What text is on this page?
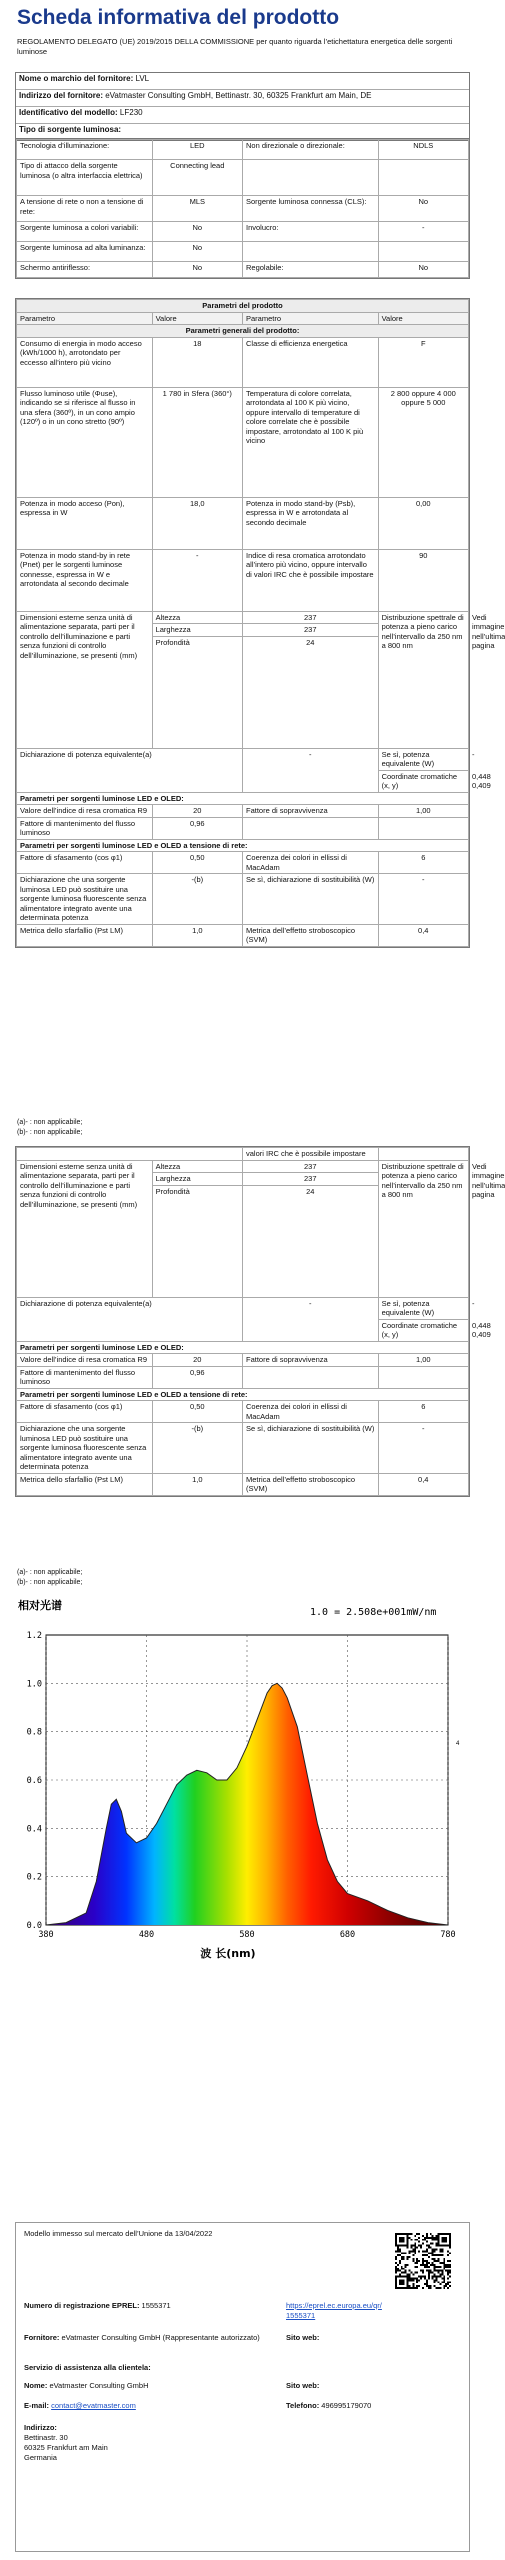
Scheda informativa del prodotto
REGOLAMENTO DELEGATO (UE) 2019/2015 DELLA COMMISSIONE per quanto riguarda l’etichettatura energetica delle sorgenti luminose
Nome o marchio del fornitore: LVL
Indirizzo del fornitore: eVatmaster Consulting GmbH, Bettinastr. 30, 60325 Frankfurt am Main, DE
Identificativo del modello: LF230
Tipo di sorgente luminosa:
Tecnologia d’illuminazione:	LED	Non direzionale o direzionale:	NDLS
Tipo di attacco della sorgente luminosa (o altra interfaccia elettrica)	Connecting lead		
A tensione di rete o non a tensione di rete:	MLS	Sorgente luminosa connessa (CLS):	No
Sorgente luminosa a colori variabili:	No	Involucro:	-
Sorgente luminosa ad alta luminanza:	No		
Schermo antiriflesso:	No	Regolabile:	No
Parametri del prodotto				
Parametro	Valore	Parametro	Valore	
Parametri generali del prodotto:				
Consumo di energia in modo acceso (kWh/1000 h), arrotondato per eccesso all’intero più vicino	18	Classe di efficienza energetica	F	
Flusso luminoso utile (Φuse), indicando se si riferisce al flusso in una sfera (360º), in un cono ampio (120º) o in un cono stretto (90º)	1 780 in Sfera (360°)	Temperatura di colore correlata, arrotondata al 100 K più vicino, oppure intervallo di temperature di colore correlate che è possibile impostare, arrotondato al 100 K più vicino	2 800 oppure 4 000 oppure 5 000	
Potenza in modo acceso (Pon), espressa in W	18,0	Potenza in modo stand-by (Psb), espressa in W e arrotondata al secondo decimale	0,00	
Potenza in modo stand-by in rete (Pnet) per le sorgenti luminose connesse, espressa in W e arrotondata al secondo decimale	-	Indice di resa cromatica arrotondato all’intero più vicino, oppure intervallo di valori IRC che è possibile impostare	90	
Dimensioni esterne senza unità di alimentazione separata, parti per il controllo dell’illuminazione e parti senza funzioni di controllo dell’illuminazione, se presenti (mm)	Altezza	237	Distribuzione spettrale di potenza a pieno carico nell’intervallo da 250 nm a 800 nm	Vedi immagine nell’ultima pagina
	Larghezza	237		
	Profondità	24		
Dichiarazione di potenza equivalente(a)		-	Se sì, potenza equivalente (W)	-
			Coordinate cromatiche (x, y)	0,448
0,409

Parametri per sorgenti luminose LED e OLED:				
Valore dell’indice di resa cromatica R9	20	Fattore di sopravvivenza	1,00	
Fattore di mantenimento del flusso luminoso	0,96			
Parametri per sorgenti luminose LED e OLED a tensione di rete:				
Fattore di sfasamento (cos φ1)	0,50	Coerenza dei colori in ellissi di MacAdam	6	
Dichiarazione che una sorgente luminosa LED può sostituire una sorgente luminosa fluorescente senza alimentatore integrato avente una determinata potenza	-(b)	Se sì, dichiarazione di sostituibilità (W)	-	
Metrica dello sfarfallio (Pst LM)	1,0	Metrica dell’effetto stroboscopico (SVM)	0,4	
		valori IRC che è possibile impostare		
Dimensioni esterne senza unità di alimentazione separata, parti per il controllo dell’illuminazione e parti senza funzioni di controllo dell’illuminazione, se presenti (mm)	Altezza	237	Distribuzione spettrale di potenza a pieno carico nell’intervallo da 250 nm a 800 nm	Vedi immagine nell’ultima pagina
	Larghezza	237		
	Profondità	24		
Dichiarazione di potenza equivalente(a)		-	Se sì, potenza equivalente (W)	-
			Coordinate cromatiche (x, y)	0,448
0,409

Parametri per sorgenti luminose LED e OLED:				
Valore dell’indice di resa cromatica R9	20	Fattore di sopravvivenza	1,00	
Fattore di mantenimento del flusso luminoso	0,96			
Parametri per sorgenti luminose LED e OLED a tensione di rete:				
Fattore di sfasamento (cos φ1)	0,50	Coerenza dei colori in ellissi di MacAdam	6	
Dichiarazione che una sorgente luminosa LED può sostituire una sorgente luminosa fluorescente senza alimentatore integrato avente una determinata potenza	-(b)	Se sì, dichiarazione di sostituibilità (W)	-	
Metrica dello sfarfallio (Pst LM)	1,0	Metrica dell’effetto stroboscopico (SVM)	0,4	
相对光谱
1.0 = 2.508e+001mW/nm
4
0.0
0.2
0.4
0.6
0.8
1.0
1.2
380	480	580	680	780
波 长(nm)
Modello immesso sul mercato dell’Unione da 13/04/2022
Numero di registrazione EPREL: 1555371	https://eprel.ec.europa.eu/qr/1555371
Fornitore: eVatmaster Consulting GmbH (Rappresentante autorizzato)	Sito web:
Servizio di assistenza alla clientela:
Nome: eVatmaster Consulting GmbH	Sito web:
E-mail: contact@evatmaster.com	Telefono: 496995179070
Indirizzo:
Bettinastr. 30
60325 Frankfurt am Main
Germania
(a)- : non applicabile;
(b)- : non applicabile;
(a)- : non applicabile;
(b)- : non applicabile;
